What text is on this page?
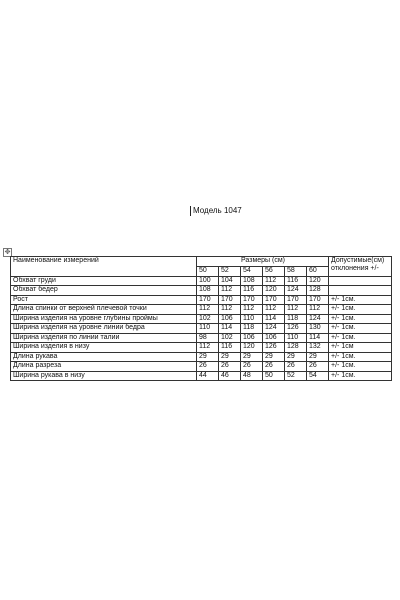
Модель 1047
✥
Наименование измерений	Размеры (см)						Допустимые(см)
отклонения +/-
	50	52	54	56	58	60	
Обхват груди	100	104	108	112	116	120	
Обхват бедер	108	112	116	120	124	128	
Рост	170	170	170	170	170	170	+/- 1см.
Длина спинки от верхней плечевой точки	112	112	112	112	112	112	+/- 1см.
Ширина изделия на уровне глубины проймы	102	106	110	114	118	124	+/- 1см.
Ширина изделия на уровне линии бедра	110	114	118	124	126	130	+/- 1см.
Ширина изделия по линии талии	98	102	106	106	110	114	+/- 1см.
Ширина изделия в низу	112	116	120	126	128	132	+/- 1см
Длина рукава	29	29	29	29	29	29	+/- 1см.
Длина разреза	26	26	26	26	26	26	+/- 1см.
Ширина рукава в низу	44	46	48	50	52	54	+/- 1см.
